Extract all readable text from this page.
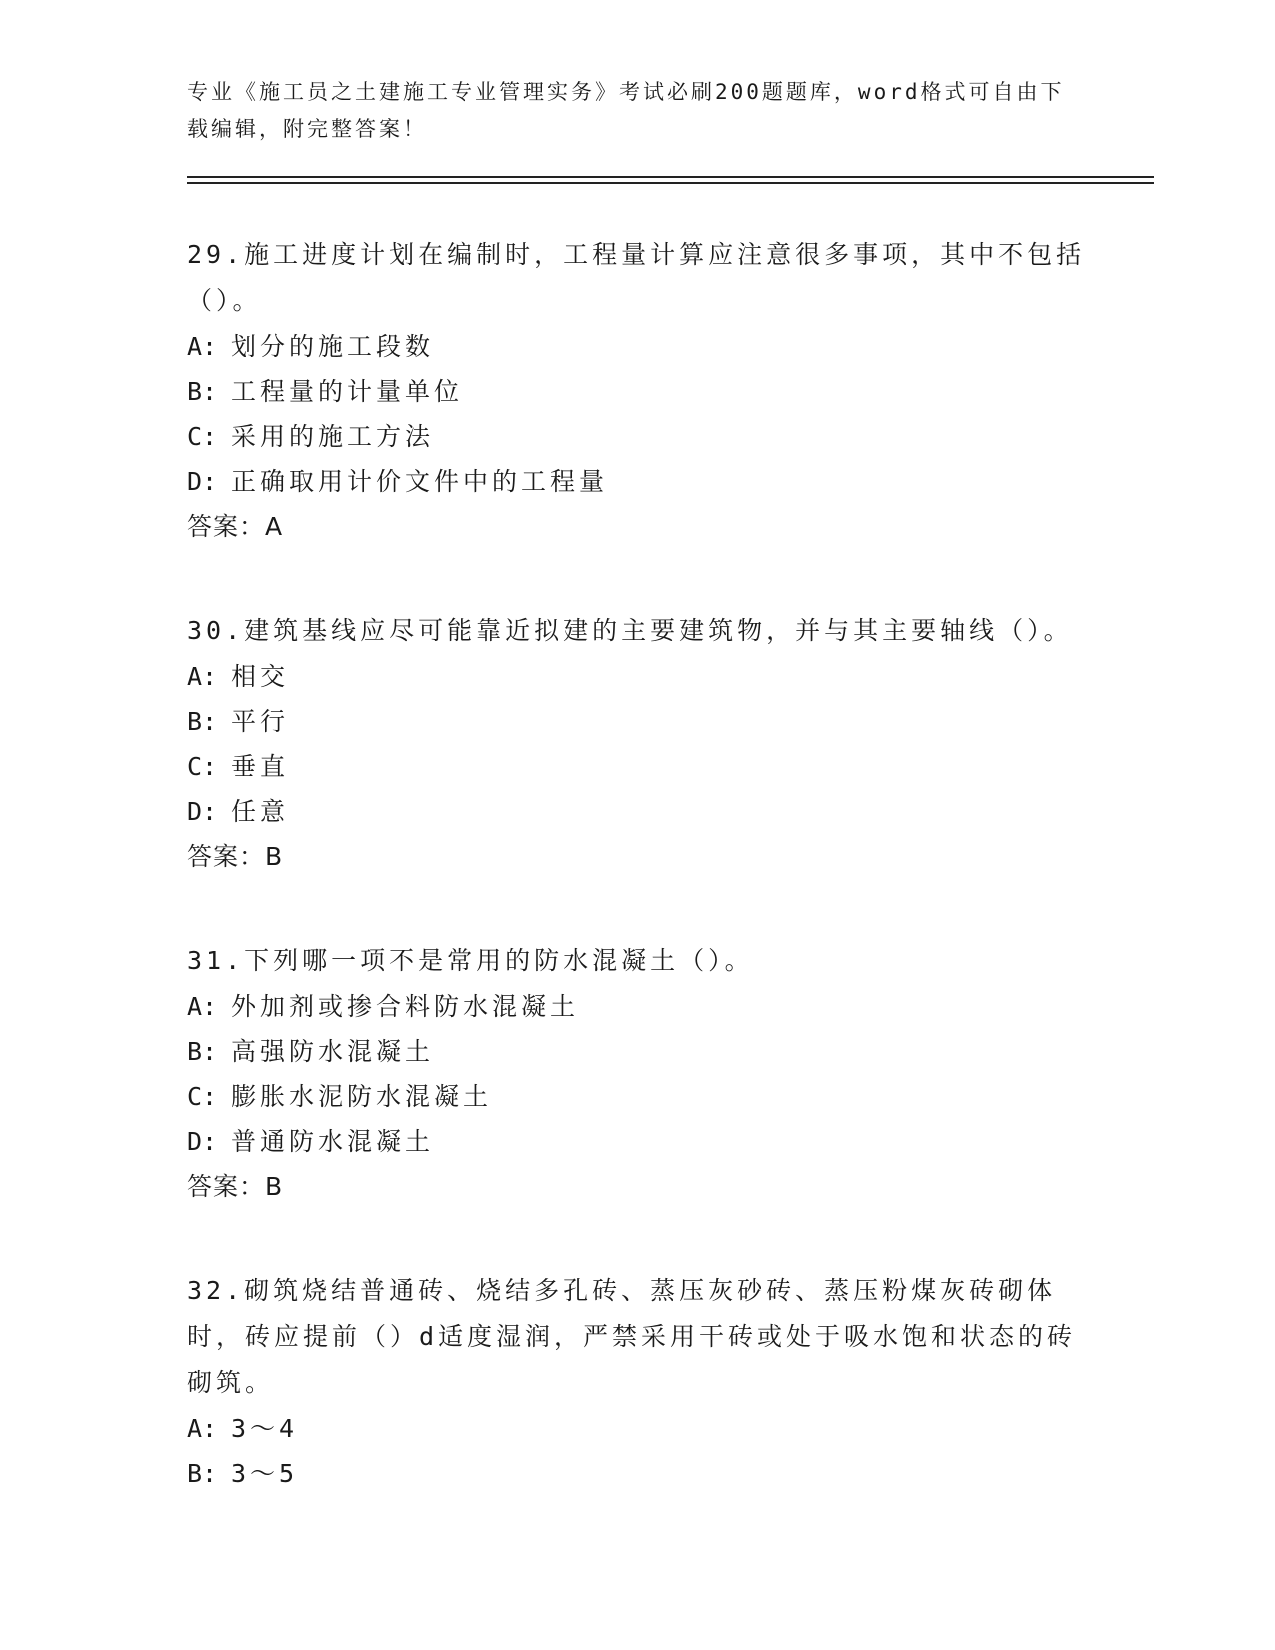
专业《施工员之土建施工专业管理实务》考试必刷200题题库，word格式可自由下载编辑，附完整答案！
29.施工进度计划在编制时，工程量计算应注意很多事项，其中不包括（）。
A: 划分的施工段数
B: 工程量的计量单位
C: 采用的施工方法
D: 正确取用计价文件中的工程量
答案：A
30.建筑基线应尽可能靠近拟建的主要建筑物，并与其主要轴线（）。
A: 相交
B: 平行
C: 垂直
D: 任意
答案：B
31.下列哪一项不是常用的防水混凝土（）。
A: 外加剂或掺合料防水混凝土
B: 高强防水混凝土
C: 膨胀水泥防水混凝土
D: 普通防水混凝土
答案：B
32.砌筑烧结普通砖、烧结多孔砖、蒸压灰砂砖、蒸压粉煤灰砖砌体时，砖应提前（）d适度湿润，严禁采用干砖或处于吸水饱和状态的砖砌筑。
A: 3～4
B: 3～5
